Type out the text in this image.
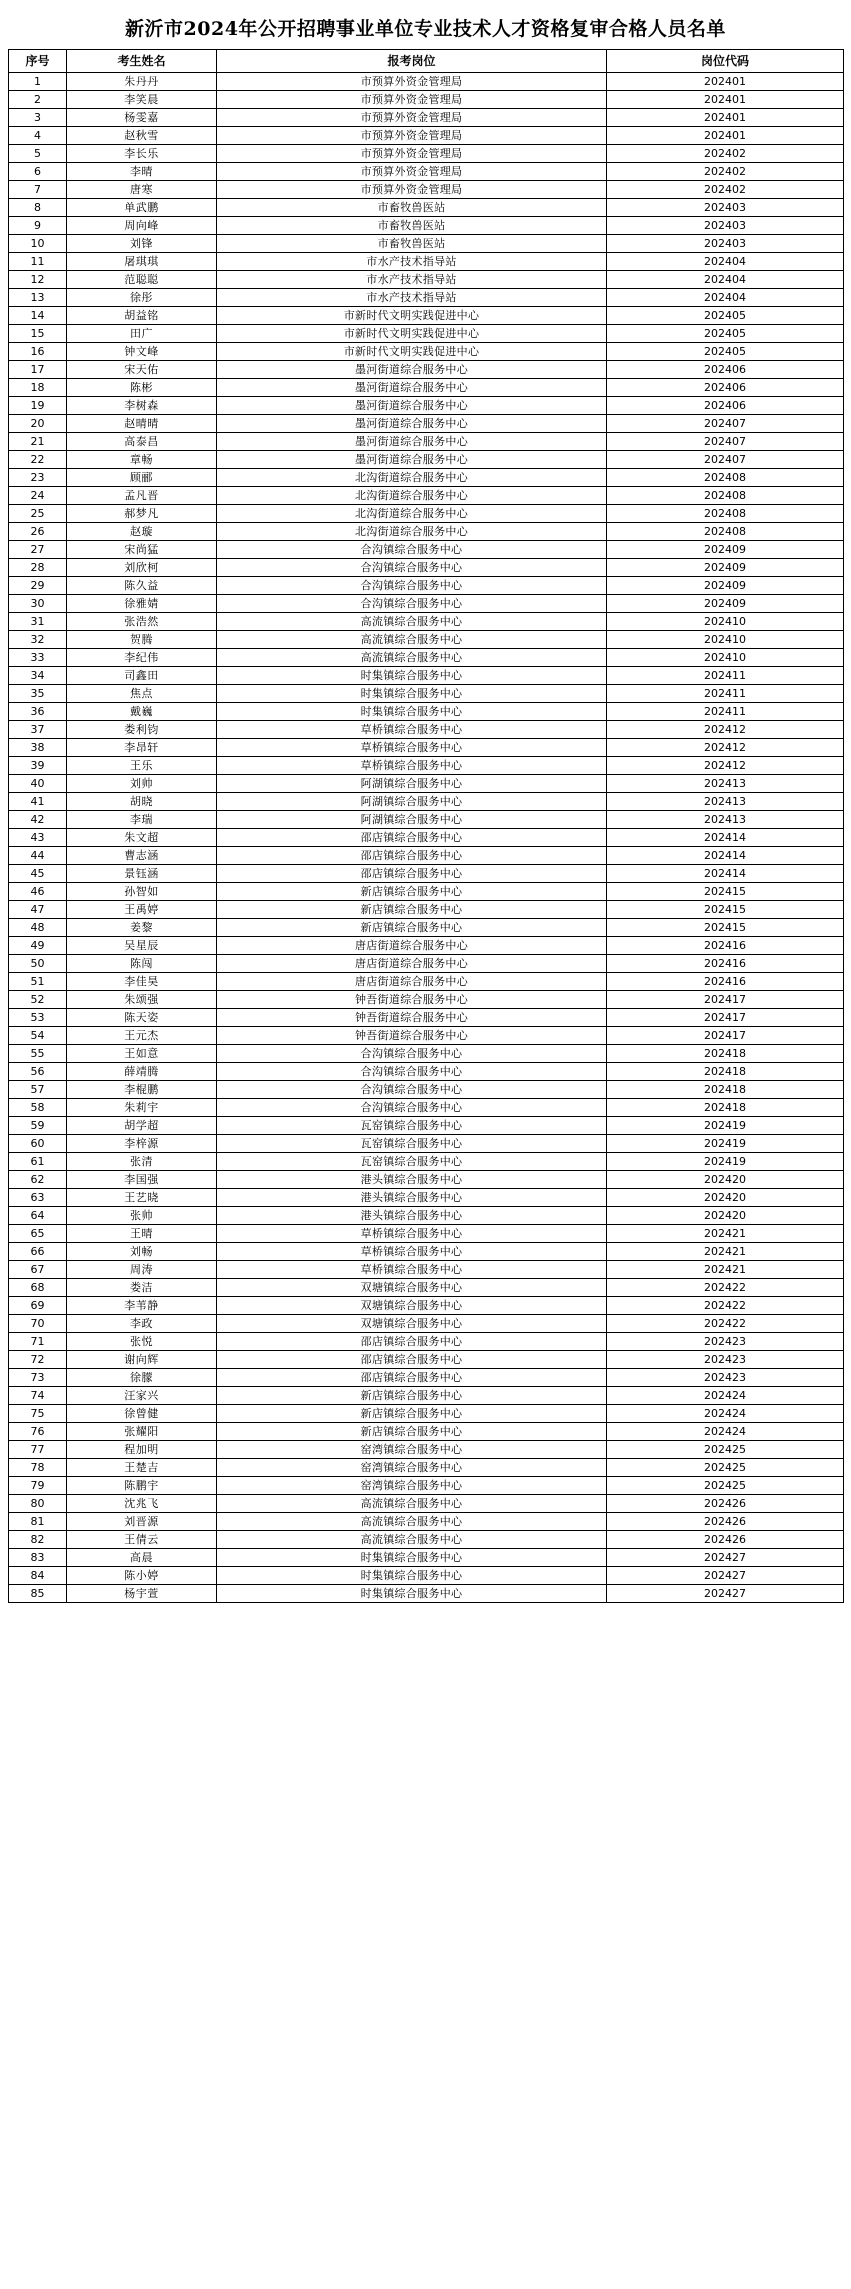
新沂市2024年公开招聘事业单位专业技术人才资格复审合格人员名单
序号	考生姓名	报考岗位	岗位代码
1	朱丹丹	市预算外资金管理局	202401
2	李笑晨	市预算外资金管理局	202401
3	杨雯嘉	市预算外资金管理局	202401
4	赵秋雪	市预算外资金管理局	202401
5	李长乐	市预算外资金管理局	202402
6	李晴	市预算外资金管理局	202402
7	唐寒	市预算外资金管理局	202402
8	单武鹏	市畜牧兽医站	202403
9	周向峰	市畜牧兽医站	202403
10	刘锋	市畜牧兽医站	202403
11	屠琪琪	市水产技术指导站	202404
12	范聪聪	市水产技术指导站	202404
13	徐彤	市水产技术指导站	202404
14	胡益铭	市新时代文明实践促进中心	202405
15	田广	市新时代文明实践促进中心	202405
16	钟文峰	市新时代文明实践促进中心	202405
17	宋天佑	墨河街道综合服务中心	202406
18	陈彬	墨河街道综合服务中心	202406
19	李树森	墨河街道综合服务中心	202406
20	赵晴晴	墨河街道综合服务中心	202407
21	高泰昌	墨河街道综合服务中心	202407
22	章畅	墨河街道综合服务中心	202407
23	顾郦	北沟街道综合服务中心	202408
24	孟凡晋	北沟街道综合服务中心	202408
25	郝梦凡	北沟街道综合服务中心	202408
26	赵璇	北沟街道综合服务中心	202408
27	宋尚猛	合沟镇综合服务中心	202409
28	刘欣柯	合沟镇综合服务中心	202409
29	陈久益	合沟镇综合服务中心	202409
30	徐雅婧	合沟镇综合服务中心	202409
31	张浩然	高流镇综合服务中心	202410
32	贺腾	高流镇综合服务中心	202410
33	李纪伟	高流镇综合服务中心	202410
34	司鑫田	时集镇综合服务中心	202411
35	焦点	时集镇综合服务中心	202411
36	戴巍	时集镇综合服务中心	202411
37	娄利钧	草桥镇综合服务中心	202412
38	李昂轩	草桥镇综合服务中心	202412
39	王乐	草桥镇综合服务中心	202412
40	刘帅	阿湖镇综合服务中心	202413
41	胡晓	阿湖镇综合服务中心	202413
42	李瑞	阿湖镇综合服务中心	202413
43	朱文超	邵店镇综合服务中心	202414
44	曹志涵	邵店镇综合服务中心	202414
45	景钰涵	邵店镇综合服务中心	202414
46	孙智如	新店镇综合服务中心	202415
47	王禹婷	新店镇综合服务中心	202415
48	姜黎	新店镇综合服务中心	202415
49	吴星辰	唐店街道综合服务中心	202416
50	陈闯	唐店街道综合服务中心	202416
51	李佳昊	唐店街道综合服务中心	202416
52	朱颂强	钟吾街道综合服务中心	202417
53	陈天姿	钟吾街道综合服务中心	202417
54	王元杰	钟吾街道综合服务中心	202417
55	王如意	合沟镇综合服务中心	202418
56	薛靖腾	合沟镇综合服务中心	202418
57	李棍鹏	合沟镇综合服务中心	202418
58	朱莉宇	合沟镇综合服务中心	202418
59	胡学超	瓦窑镇综合服务中心	202419
60	李梓源	瓦窑镇综合服务中心	202419
61	张清	瓦窑镇综合服务中心	202419
62	李国强	港头镇综合服务中心	202420
63	王艺晓	港头镇综合服务中心	202420
64	张帅	港头镇综合服务中心	202420
65	王晴	草桥镇综合服务中心	202421
66	刘畅	草桥镇综合服务中心	202421
67	周涛	草桥镇综合服务中心	202421
68	娄洁	双塘镇综合服务中心	202422
69	李苇静	双塘镇综合服务中心	202422
70	李政	双塘镇综合服务中心	202422
71	张悦	邵店镇综合服务中心	202423
72	谢向辉	邵店镇综合服务中心	202423
73	徐朦	邵店镇综合服务中心	202423
74	汪家兴	新店镇综合服务中心	202424
75	徐曾健	新店镇综合服务中心	202424
76	张耀阳	新店镇综合服务中心	202424
77	程加明	窑湾镇综合服务中心	202425
78	王楚吉	窑湾镇综合服务中心	202425
79	陈鹏宇	窑湾镇综合服务中心	202425
80	沈兆飞	高流镇综合服务中心	202426
81	刘晋源	高流镇综合服务中心	202426
82	王倩云	高流镇综合服务中心	202426
83	高晨	时集镇综合服务中心	202427
84	陈小婷	时集镇综合服务中心	202427
85	杨宇萱	时集镇综合服务中心	202427
